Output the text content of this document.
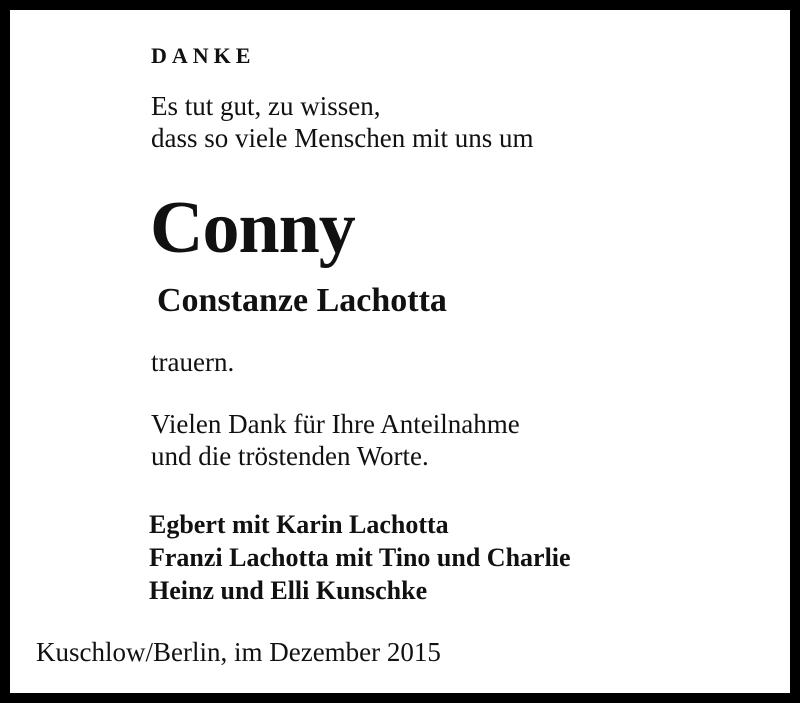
DANKE
Es tut gut, zu wissen,
dass so viele Menschen mit uns um
Conny
Constanze Lachotta
trauern.
Vielen Dank für Ihre Anteilnahme
und die tröstenden Worte.
Egbert mit Karin Lachotta
Franzi Lachotta mit Tino und Charlie
Heinz und Elli Kunschke
Kuschlow/Berlin, im Dezember 2015
